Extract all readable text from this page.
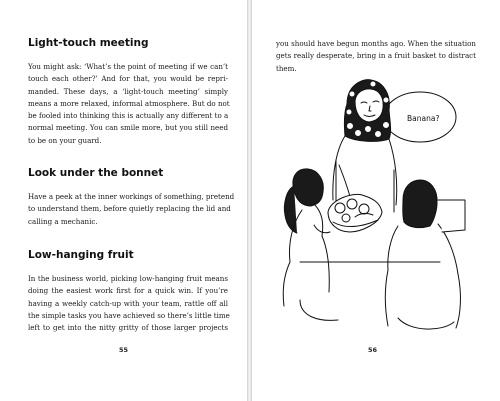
Light-touch meeting
You might ask: ‘What’s the point of meeting if we can’t
touch each other?’ And for that, you would be repri-
manded. These days, a ‘light-touch meeting’ simply
means a more relaxed, informal atmosphere. But do not
be fooled into thinking this is actually any different to a
normal meeting. You can smile more, but you still need
to be on your guard.
Look under the bonnet
Have a peek at the inner workings of something, pretend
to understand them, before quietly replacing the lid and
calling a mechanic.
Low-hanging fruit
In the business world, picking low-hanging fruit means
doing the easiest work first for a quick win. If you’re
having a weekly catch-up with your team, rattle off all
the simple tasks you have achieved so there’s little time
left to get into the nitty gritty of those larger projects
55
you should have begun months ago. When the situation
gets really desperate, bring in a fruit basket to distract
them.
56
Banana?
